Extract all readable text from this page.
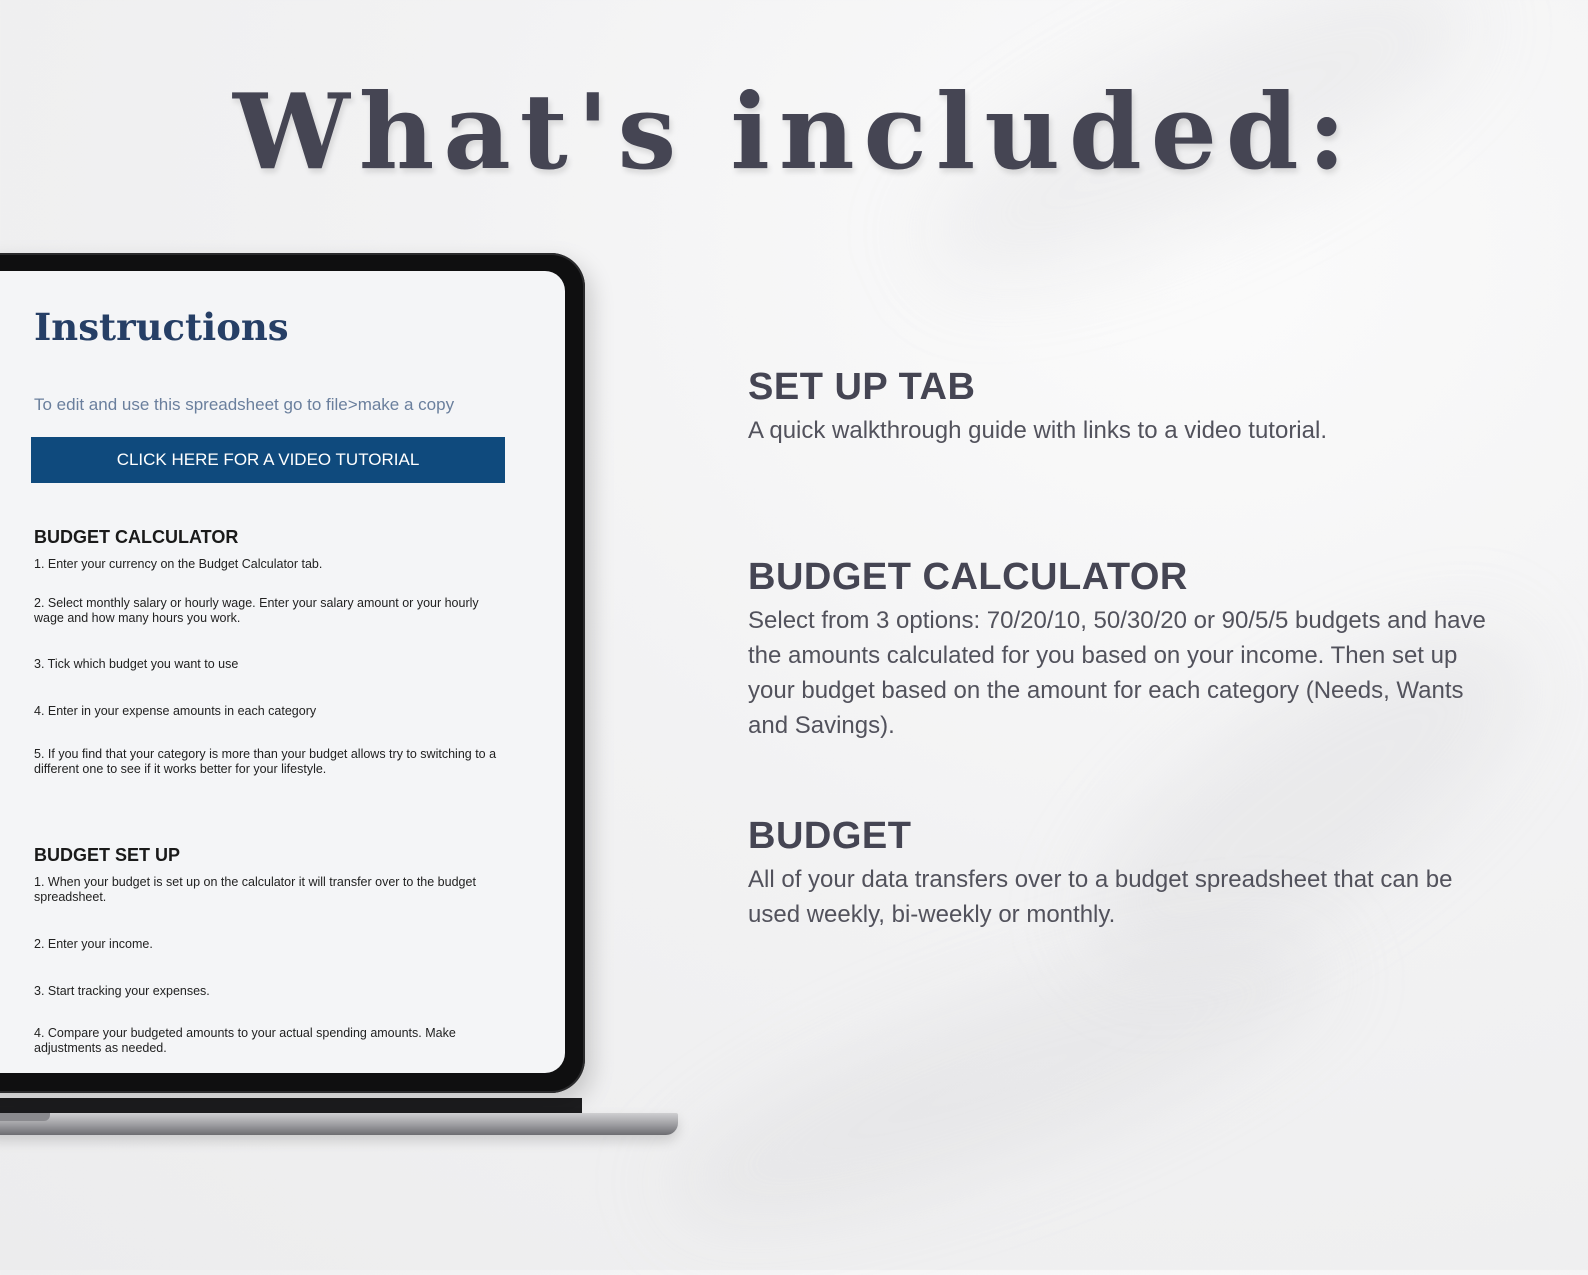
What's included:
Instructions
To edit and use this spreadsheet go to file>make a copy
CLICK HERE FOR A VIDEO TUTORIAL
BUDGET CALCULATOR
1. Enter your currency on the Budget Calculator tab.
2. Select monthly salary or hourly wage. Enter your salary amount or your hourly wage and how many hours you work.
3. Tick which budget you want to use
4. Enter in your expense amounts in each category
5. If you find that your category is more than your budget allows try to switching to a different one to see if it works better for your lifestyle.
BUDGET SET UP
1. When your budget is set up on the calculator it will transfer over to the budget spreadsheet.
2. Enter your income.
3. Start tracking your expenses.
4. Compare your budgeted amounts to your actual spending amounts. Make adjustments as needed.
SET UP TAB

A quick walkthrough guide with links to a video tutorial.

BUDGET CALCULATOR

Select from 3 options: 70/20/10, 50/30/20 or 90/5/5 budgets and have the amounts calculated for you based on your income. Then set up your budget based on the amount for each category (Needs, Wants and Savings).

BUDGET

All of your data transfers over to a budget spreadsheet that can be used weekly, bi-weekly or monthly.
